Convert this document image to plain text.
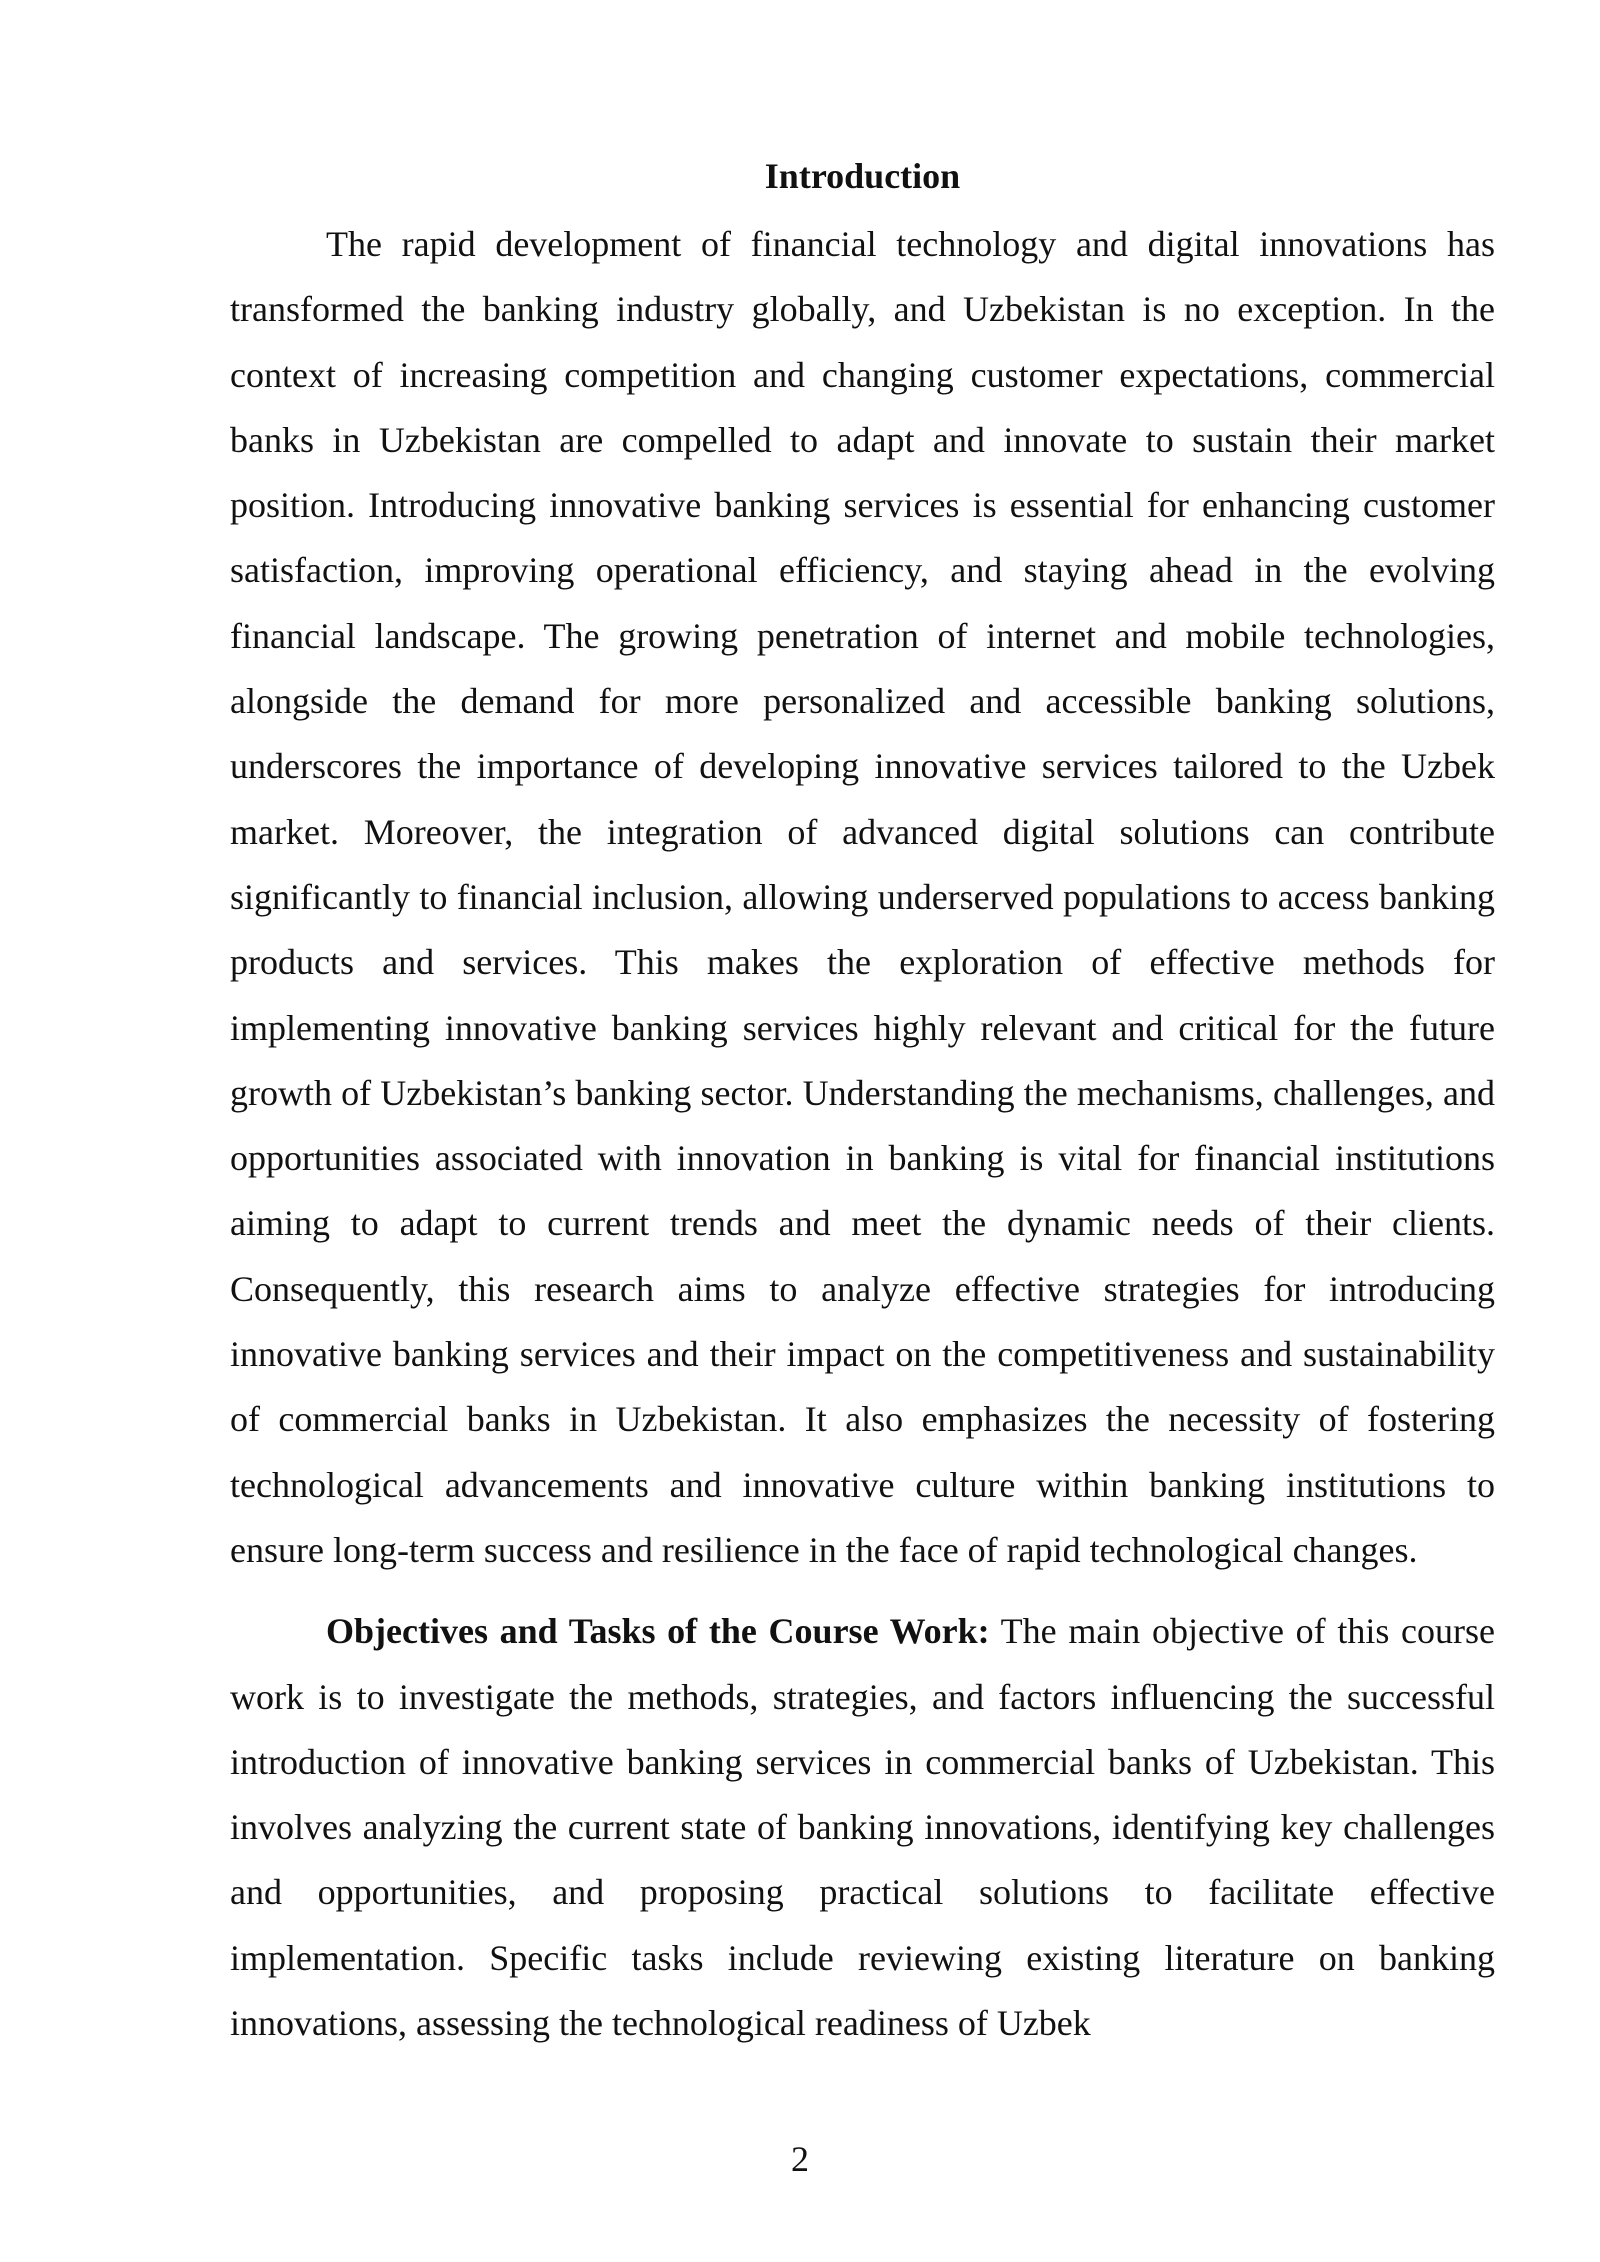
Introduction

The rapid development of financial technology and digital innovations has transformed the banking industry globally, and Uzbekistan is no exception. In the context of increasing competition and changing customer expectations, commercial banks in Uzbekistan are compelled to adapt and innovate to sustain their market position. Introducing innovative banking services is essential for enhancing customer satisfaction, improving operational efficiency, and staying ahead in the evolving financial landscape. The growing penetration of internet and mobile technologies, alongside the demand for more personalized and accessible banking solutions, underscores the importance of developing innovative services tailored to the Uzbek market. Moreover, the integration of advanced digital solutions can contribute significantly to financial inclusion, allowing underserved populations to access banking products and services. This makes the exploration of effective methods for implementing innovative banking services highly relevant and critical for the future growth of Uzbekistan’s banking sector. Understanding the mechanisms, challenges, and opportunities associated with innovation in banking is vital for financial institutions aiming to adapt to current trends and meet the dynamic needs of their clients. Consequently, this research aims to analyze effective strategies for introducing innovative banking services and their impact on the competitiveness and sustainability of commercial banks in Uzbekistan. It also emphasizes the necessity of fostering technological advancements and innovative culture within banking institutions to ensure long-term success and resilience in the face of rapid technological changes.

Objectives and Tasks of the Course Work: The main objective of this course work is to investigate the methods, strategies, and factors influencing the successful introduction of innovative banking services in commercial banks of Uzbekistan. This involves analyzing the current state of banking innovations, identifying key challenges and opportunities, and proposing practical solutions to facilitate effective implementation. Specific tasks include reviewing existing literature on banking innovations, assessing the technological readiness of Uzbek

2
